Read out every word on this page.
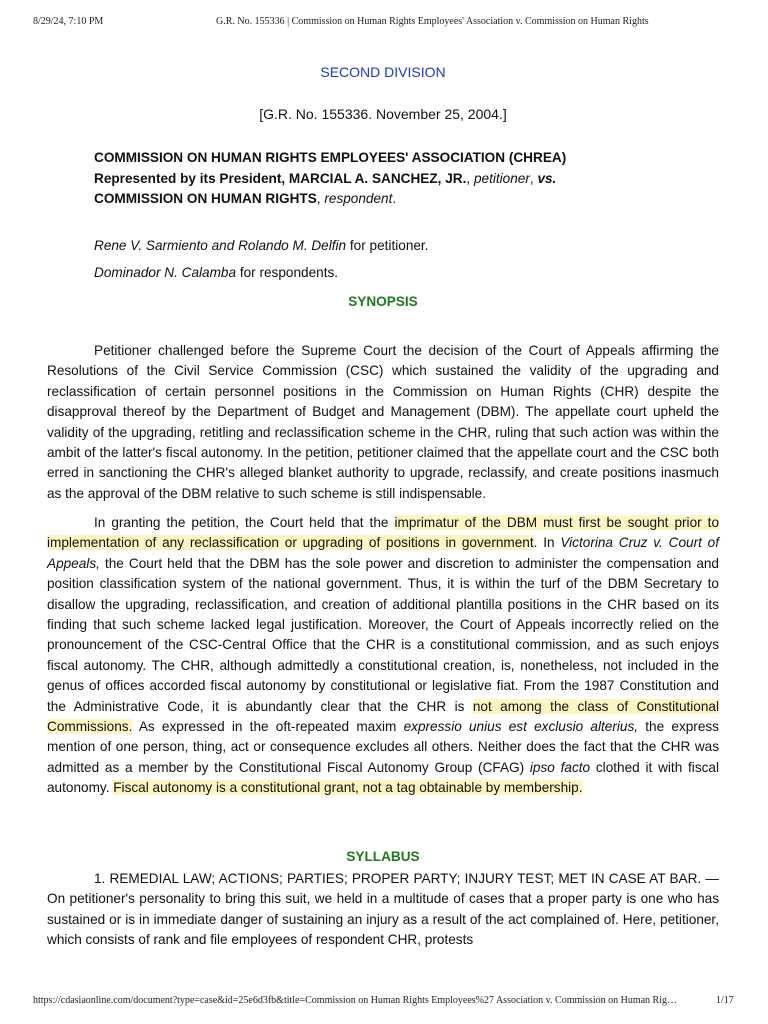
8/29/24, 7:10 PM	G.R. No. 155336 | Commission on Human Rights Employees' Association v. Commission on Human Rights
SECOND DIVISION
[G.R. No. 155336. November 25, 2004.]
COMMISSION ON HUMAN RIGHTS EMPLOYEES' ASSOCIATION (CHREA)
Represented by its President, MARCIAL A. SANCHEZ, JR., petitioner, vs.
COMMISSION ON HUMAN RIGHTS, respondent.
Rene V. Sarmiento and Rolando M. Delfin for petitioner.
Dominador N. Calamba for respondents.
SYNOPSIS
Petitioner challenged before the Supreme Court the decision of the Court of Appeals affirming the Resolutions of the Civil Service Commission (CSC) which sustained the validity of the upgrading and reclassification of certain personnel positions in the Commission on Human Rights (CHR) despite the disapproval thereof by the Department of Budget and Management (DBM). The appellate court upheld the validity of the upgrading, retitling and reclassification scheme in the CHR, ruling that such action was within the ambit of the latter's fiscal autonomy. In the petition, petitioner claimed that the appellate court and the CSC both erred in sanctioning the CHR's alleged blanket authority to upgrade, reclassify, and create positions inasmuch as the approval of the DBM relative to such scheme is still indispensable.
In granting the petition, the Court held that the imprimatur of the DBM must first be sought prior to implementation of any reclassification or upgrading of positions in government. In Victorina Cruz v. Court of Appeals, the Court held that the DBM has the sole power and discretion to administer the compensation and position classification system of the national government. Thus, it is within the turf of the DBM Secretary to disallow the upgrading, reclassification, and creation of additional plantilla positions in the CHR based on its finding that such scheme lacked legal justification. Moreover, the Court of Appeals incorrectly relied on the pronouncement of the CSC-Central Office that the CHR is a constitutional commission, and as such enjoys fiscal autonomy. The CHR, although admittedly a constitutional creation, is, nonetheless, not included in the genus of offices accorded fiscal autonomy by constitutional or legislative fiat. From the 1987 Constitution and the Administrative Code, it is abundantly clear that the CHR is not among the class of Constitutional Commissions. As expressed in the oft-repeated maxim expressio unius est exclusio alterius, the express mention of one person, thing, act or consequence excludes all others. Neither does the fact that the CHR was admitted as a member by the Constitutional Fiscal Autonomy Group (CFAG) ipso facto clothed it with fiscal autonomy. Fiscal autonomy is a constitutional grant, not a tag obtainable by membership.
SYLLABUS
1. REMEDIAL LAW; ACTIONS; PARTIES; PROPER PARTY; INJURY TEST; MET IN CASE AT BAR. — On petitioner's personality to bring this suit, we held in a multitude of cases that a proper party is one who has sustained or is in immediate danger of sustaining an injury as a result of the act complained of. Here, petitioner, which consists of rank and file employees of respondent CHR, protests
https://cdasiaonline.com/document?type=case&id=25e6d3fb&title=Commission on Human Rights Employees%27 Association v. Commission on Human Rig…	1/17
